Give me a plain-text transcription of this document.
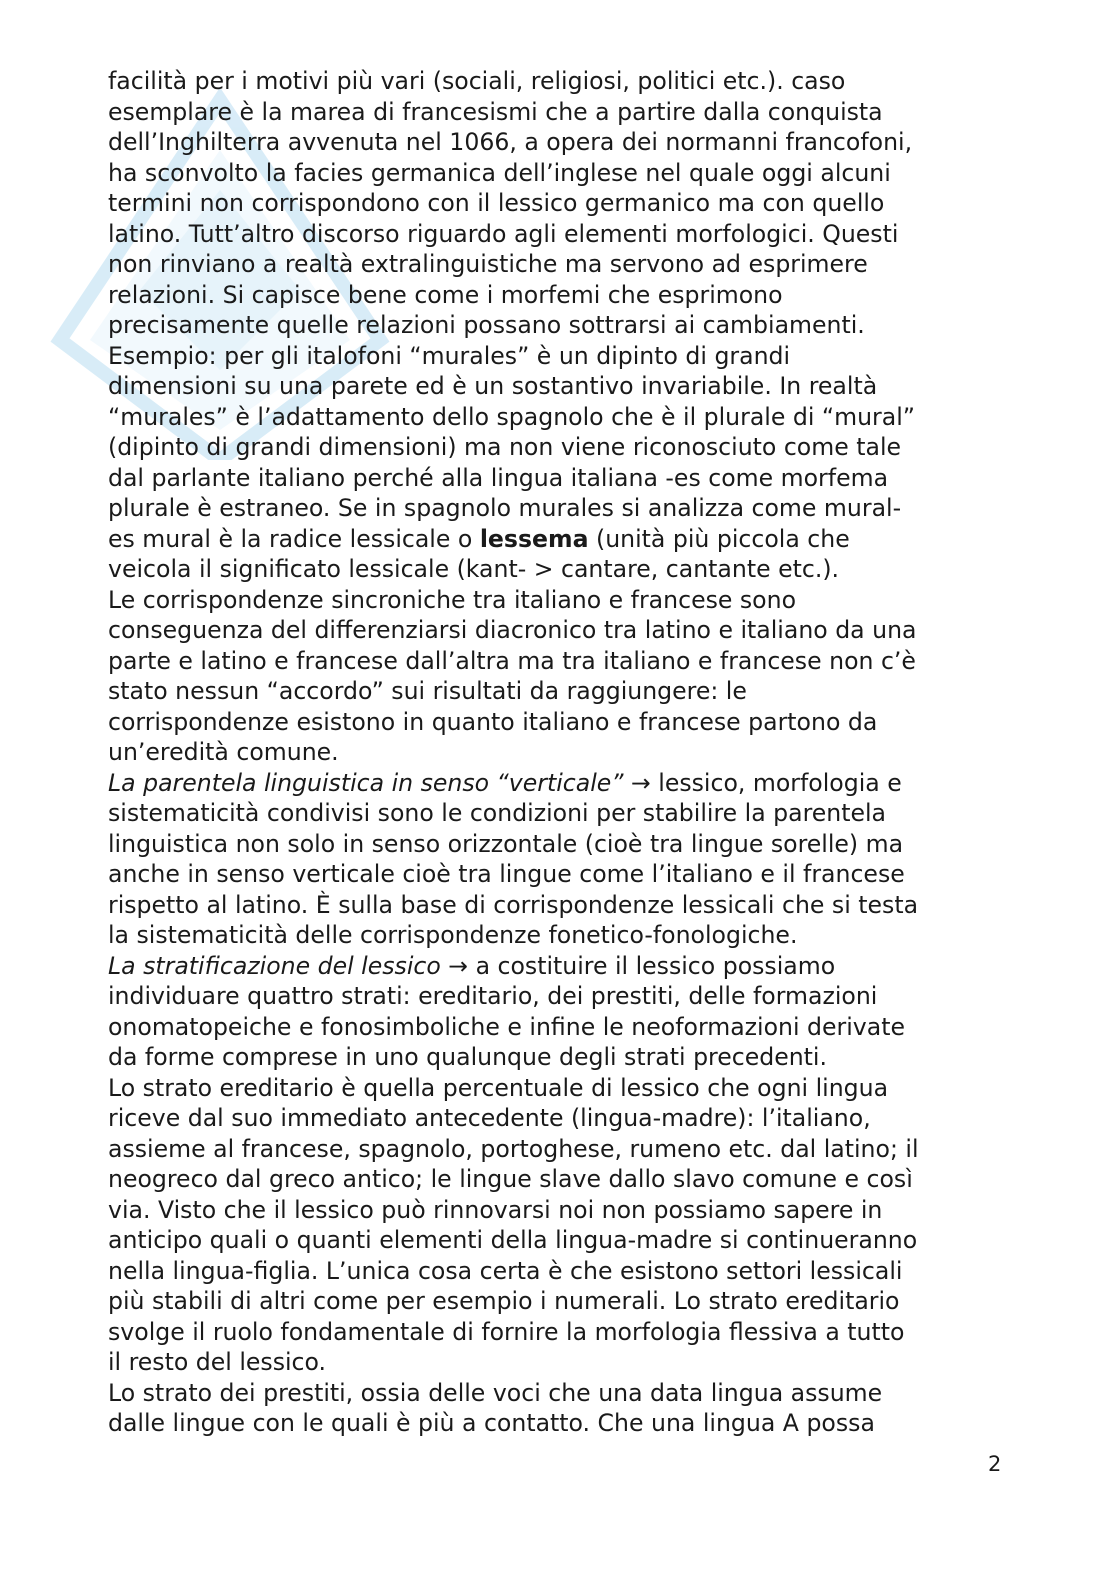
facilità per i motivi più vari (sociali, religiosi, politici etc.). caso
esemplare è la marea di francesismi che a partire dalla conquista
dell’Inghilterra avvenuta nel 1066, a opera dei normanni francofoni,
ha sconvolto la facies germanica dell’inglese nel quale oggi alcuni
termini non corrispondono con il lessico germanico ma con quello
latino. Tutt’altro discorso riguardo agli elementi morfologici. Questi
non rinviano a realtà extralinguistiche ma servono ad esprimere
relazioni. Si capisce bene come i morfemi che esprimono
precisamente quelle relazioni possano sottrarsi ai cambiamenti.
Esempio: per gli italofoni “murales” è un dipinto di grandi
dimensioni su una parete ed è un sostantivo invariabile. In realtà
“murales” è l’adattamento dello spagnolo che è il plurale di “mural”
(dipinto di grandi dimensioni) ma non viene riconosciuto come tale
dal parlante italiano perché alla lingua italiana -es come morfema
plurale è estraneo. Se in spagnolo murales si analizza come mural-
es mural è la radice lessicale o lessema (unità più piccola che
veicola il significato lessicale (kant- > cantare, cantante etc.).
Le corrispondenze sincroniche tra italiano e francese sono
conseguenza del differenziarsi diacronico tra latino e italiano da una
parte e latino e francese dall’altra ma tra italiano e francese non c’è
stato nessun “accordo” sui risultati da raggiungere: le
corrispondenze esistono in quanto italiano e francese partono da
un’eredità comune.
La parentela linguistica in senso “verticale” → lessico, morfologia e
sistematicità condivisi sono le condizioni per stabilire la parentela
linguistica non solo in senso orizzontale (cioè tra lingue sorelle) ma
anche in senso verticale cioè tra lingue come l’italiano e il francese
rispetto al latino. È sulla base di corrispondenze lessicali che si testa
la sistematicità delle corrispondenze fonetico-fonologiche.
La stratificazione del lessico → a costituire il lessico possiamo
individuare quattro strati: ereditario, dei prestiti, delle formazioni
onomatopeiche e fonosimboliche e infine le neoformazioni derivate
da forme comprese in uno qualunque degli strati precedenti.
Lo strato ereditario è quella percentuale di lessico che ogni lingua
riceve dal suo immediato antecedente (lingua-madre): l’italiano,
assieme al francese, spagnolo, portoghese, rumeno etc. dal latino; il
neogreco dal greco antico; le lingue slave dallo slavo comune e così
via. Visto che il lessico può rinnovarsi noi non possiamo sapere in
anticipo quali o quanti elementi della lingua-madre si continueranno
nella lingua-figlia. L’unica cosa certa è che esistono settori lessicali
più stabili di altri come per esempio i numerali. Lo strato ereditario
svolge il ruolo fondamentale di fornire la morfologia flessiva a tutto
il resto del lessico.
Lo strato dei prestiti, ossia delle voci che una data lingua assume
dalle lingue con le quali è più a contatto. Che una lingua A possa
2
